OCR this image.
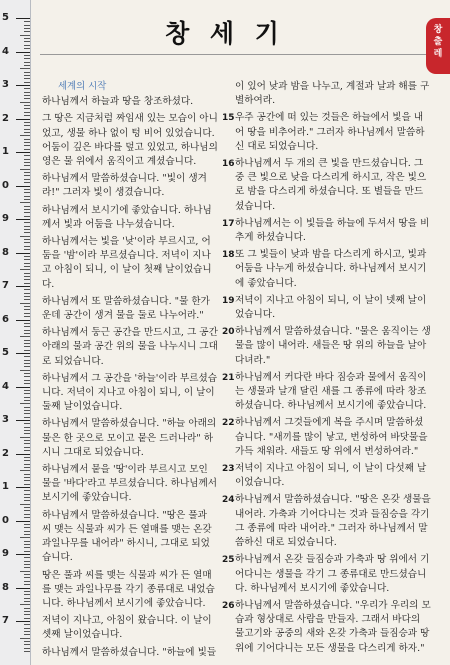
5
4
3
2
1
0
9
8
7
6
5
4
3
2
1
0
9
8
7
창 세 기	창
출
레
세계의 시작
하나님께서 하늘과 땅을 창조하셨다.
그 땅은 지금처럼 짜임새 있는 모습이 아니었고, 생물 하나 없이 텅 비어 있었습니다. 어둠이 깊은 바다를 덮고 있었고, 하나님의 영은 물 위에서 움직이고 계셨습니다.
하나님께서 말씀하셨습니다. "빛이 생겨라!" 그러자 빛이 생겼습니다.
하나님께서 보시기에 좋았습니다. 하나님께서 빛과 어둠을 나누셨습니다.
하나님께서는 빛을 '낮'이라 부르시고, 어둠을 '밤'이라 부르셨습니다. 저녁이 지나고 아침이 되니, 이 날이 첫째 날이었습니다.
하나님께서 또 말씀하셨습니다. "물 한가운데 공간이 생겨 물을 둘로 나누어라."
하나님께서 둥근 공간을 만드시고, 그 공간 아래의 물과 공간 위의 물을 나누시니 그대로 되었습니다.
하나님께서 그 공간을 '하늘'이라 부르셨습니다. 저녁이 지나고 아침이 되니, 이 날이 둘째 날이었습니다.
하나님께서 말씀하셨습니다. "하늘 아래의 물은 한 곳으로 모이고 뭍은 드러나라" 하시니 그대로 되었습니다.
하나님께서 뭍을 '땅'이라 부르시고 모인 물을 '바다'라고 부르셨습니다. 하나님께서 보시기에 좋았습니다.
하나님께서 말씀하셨습니다. "땅은 풀과 씨 맺는 식물과 씨가 든 열매를 맺는 온갖 과일나무를 내어라" 하시니, 그대로 되었습니다.
땅은 풀과 씨를 맺는 식물과 씨가 든 열매를 맺는 과일나무를 각기 종류대로 내었습니다. 하나님께서 보시기에 좋았습니다.
저녁이 지나고, 아침이 왔습니다. 이 날이 셋째 날이었습니다.
하나님께서 말씀하셨습니다. "하늘에 빛들
이 있어 낮과 밤을 나누고, 계절과 날과 해를 구별하여라.
15 우주 공간에 떠 있는 것들은 하늘에서 빛을 내어 땅을 비추어라." 그러자 하나님께서 말씀하신 대로 되었습니다.
16 하나님께서 두 개의 큰 빛을 만드셨습니다. 그 중 큰 빛으로 낮을 다스리게 하시고, 작은 빛으로 밤을 다스리게 하셨습니다. 또 별들을 만드셨습니다.
17 하나님께서는 이 빛들을 하늘에 두셔서 땅을 비추게 하셨습니다.
18 또 그 빛들이 낮과 밤을 다스리게 하시고, 빛과 어둠을 나누게 하셨습니다. 하나님께서 보시기에 좋았습니다.
19 저녁이 지나고 아침이 되니, 이 날이 넷째 날이었습니다.
20 하나님께서 말씀하셨습니다. "물은 움직이는 생물을 많이 내어라. 새들은 땅 위의 하늘을 날아다녀라."
21 하나님께서 커다란 바다 짐승과 물에서 움직이는 생물과 날개 달린 새를 그 종류에 따라 창조하셨습니다. 하나님께서 보시기에 좋았습니다.
22 하나님께서 그것들에게 복을 주시며 말씀하셨습니다. "새끼를 많이 낳고, 번성하여 바닷물을 가득 채워라. 새들도 땅 위에서 번성하여라."
23 저녁이 지나고 아침이 되니, 이 날이 다섯째 날이었습니다.
24 하나님께서 말씀하셨습니다. "땅은 온갖 생물을 내어라. 가축과 기어다니는 것과 들짐승을 각기 그 종류에 따라 내어라." 그러자 하나님께서 말씀하신 대로 되었습니다.
25 하나님께서 온갖 들짐승과 가축과 땅 위에서 기어다니는 생물을 각기 그 종류대로 만드셨습니다. 하나님께서 보시기에 좋았습니다.
26 하나님께서 말씀하셨습니다. "우리가 우리의 모습과 형상대로 사람을 만들자. 그래서 바다의 물고기와 공중의 새와 온갖 가축과 들짐승과 땅 위에 기어다니는 모든 생물을 다스리게 하자."
